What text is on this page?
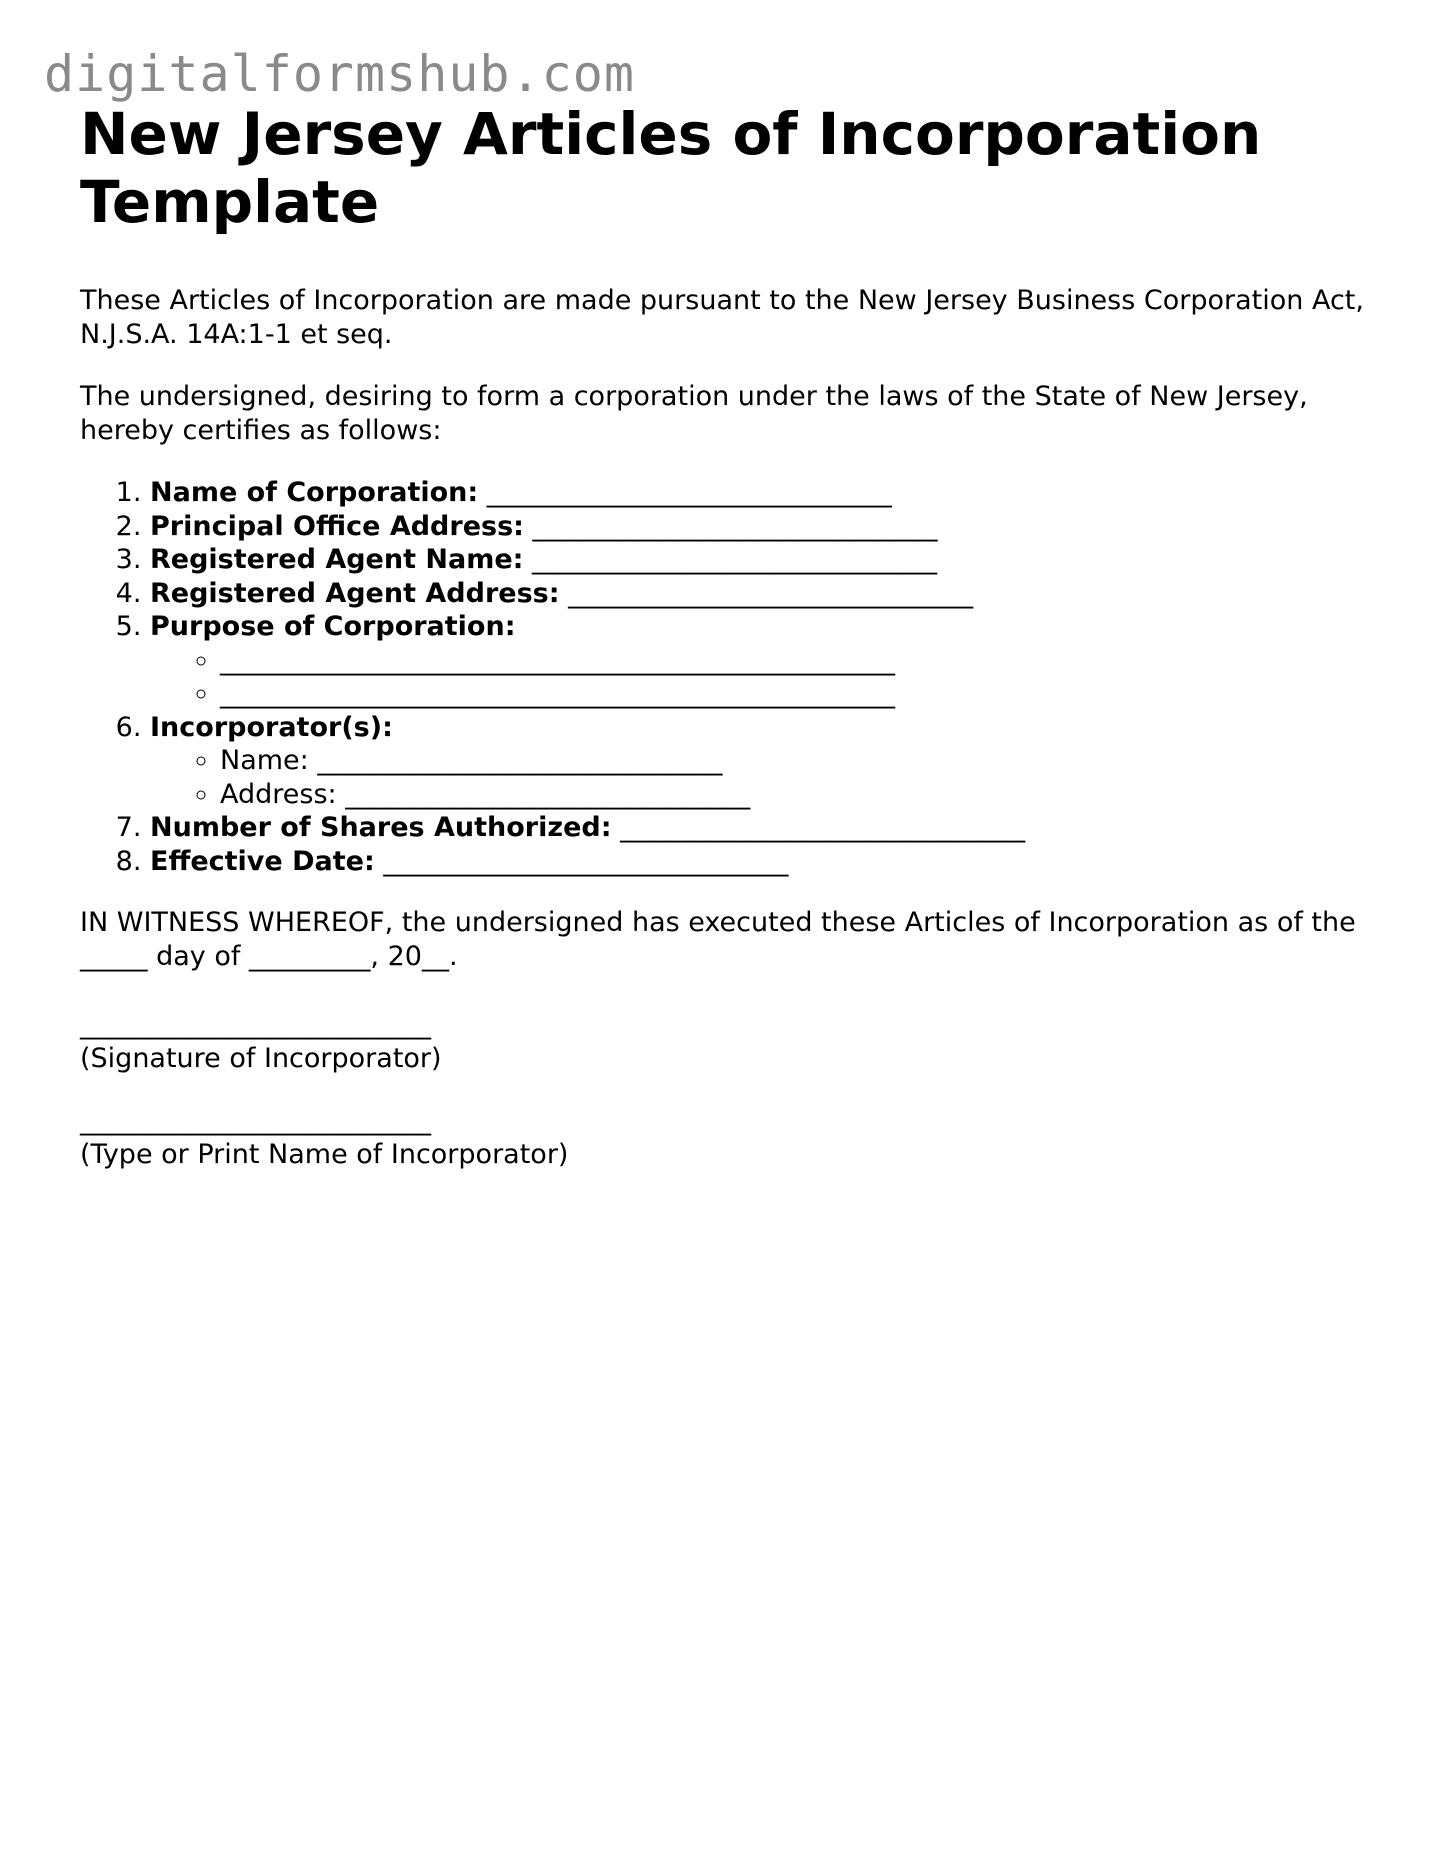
digitalformshub.com
New Jersey Articles of Incorporation Template

These Articles of Incorporation are made pursuant to the New Jersey Business Corporation Act, N.J.S.A. 14A:1-1 et seq.

The undersigned, desiring to form a corporation under the laws of the State of New Jersey, hereby certifies as follows:

1. Name of Corporation: ______________________________
2. Principal Office Address: ______________________________
3. Registered Agent Name: ______________________________
4. Registered Agent Address: ______________________________
5. Purpose of Corporation:
◦ __________________________________________________
◦ __________________________________________________
6. Incorporator(s):
◦ Name: ______________________________
◦ Address: ______________________________
7. Number of Shares Authorized: ______________________________
8. Effective Date: ______________________________

IN WITNESS WHEREOF, the undersigned has executed these Articles of Incorporation as of the _____ day of _________, 20__.

__________________________
(Signature of Incorporator)
__________________________
(Type or Print Name of Incorporator)
